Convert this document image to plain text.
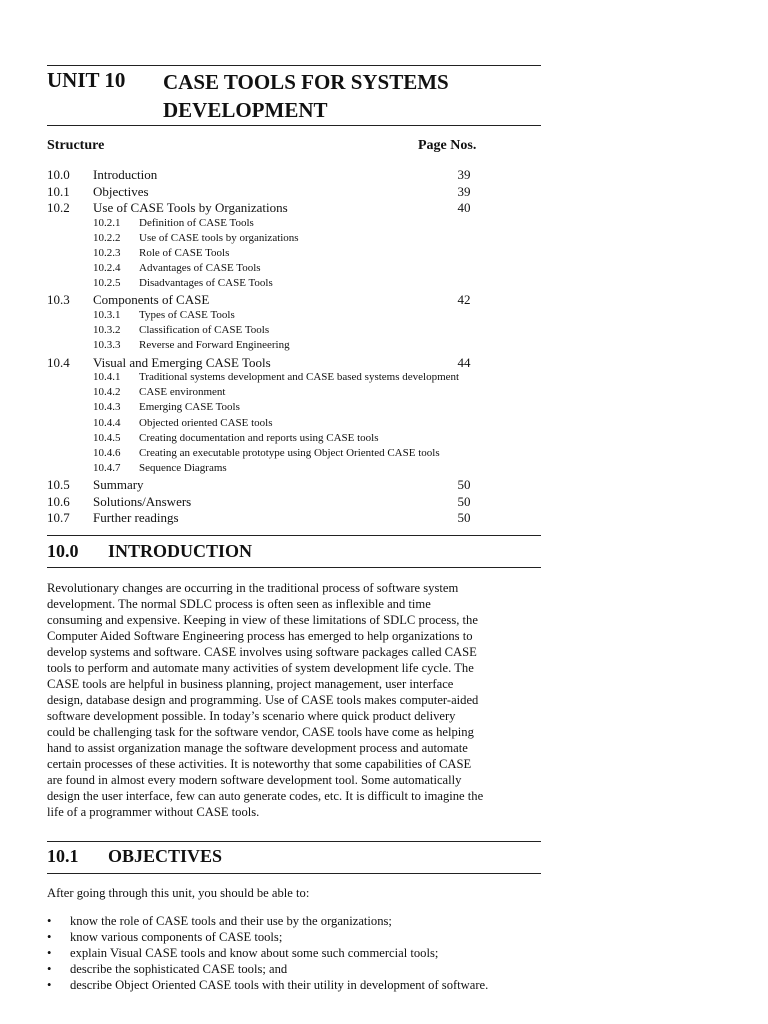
UNIT 10 CASE TOOLS FOR SYSTEMS DEVELOPMENT
Structure	Page Nos.
10.0 Introduction	39
10.1 Objectives	39
10.2 Use of CASE Tools by Organizations	40
10.2.1 Definition of CASE Tools
10.2.2 Use of CASE tools by organizations
10.2.3 Role of CASE Tools
10.2.4 Advantages of CASE Tools
10.2.5 Disadvantages of CASE Tools
10.3 Components of CASE	42
10.3.1 Types of CASE Tools
10.3.2 Classification of CASE Tools
10.3.3 Reverse and Forward Engineering
10.4 Visual and Emerging CASE Tools	44
10.4.1 Traditional systems development and CASE based systems development
10.4.2 CASE environment
10.4.3 Emerging CASE Tools
10.4.4 Objected oriented CASE tools
10.4.5 Creating documentation and reports using CASE tools
10.4.6 Creating an executable prototype using Object Oriented CASE tools
10.4.7 Sequence Diagrams
10.5 Summary	50
10.6 Solutions/Answers	50
10.7 Further readings	50
10.0 INTRODUCTION
Revolutionary changes are occurring in the traditional process of software system
development. The normal SDLC process is often seen as inflexible and time
consuming and expensive. Keeping in view of these limitations of SDLC process, the
Computer Aided Software Engineering process has emerged to help organizations to
develop systems and software. CASE involves using software packages called CASE
tools to perform and automate many activities of system development life cycle. The
CASE tools are helpful in business planning, project management, user interface
design, database design and programming. Use of CASE tools makes computer-aided
software development possible. In today’s scenario where quick product delivery
could be challenging task for the software vendor, CASE tools have come as helping
hand to assist organization manage the software development process and automate
certain processes of these activities. It is noteworthy that some capabilities of CASE
are found in almost every modern software development tool. Some automatically
design the user interface, few can auto generate codes, etc. It is difficult to imagine the
life of a programmer without CASE tools.
10.1 OBJECTIVES
After going through this unit, you should be able to:
• know the role of CASE tools and their use by the organizations;
• know various components of CASE tools;
• explain Visual CASE tools and know about some such commercial tools;
• describe the sophisticated CASE tools; and
• describe Object Oriented CASE tools with their utility in development of software.
